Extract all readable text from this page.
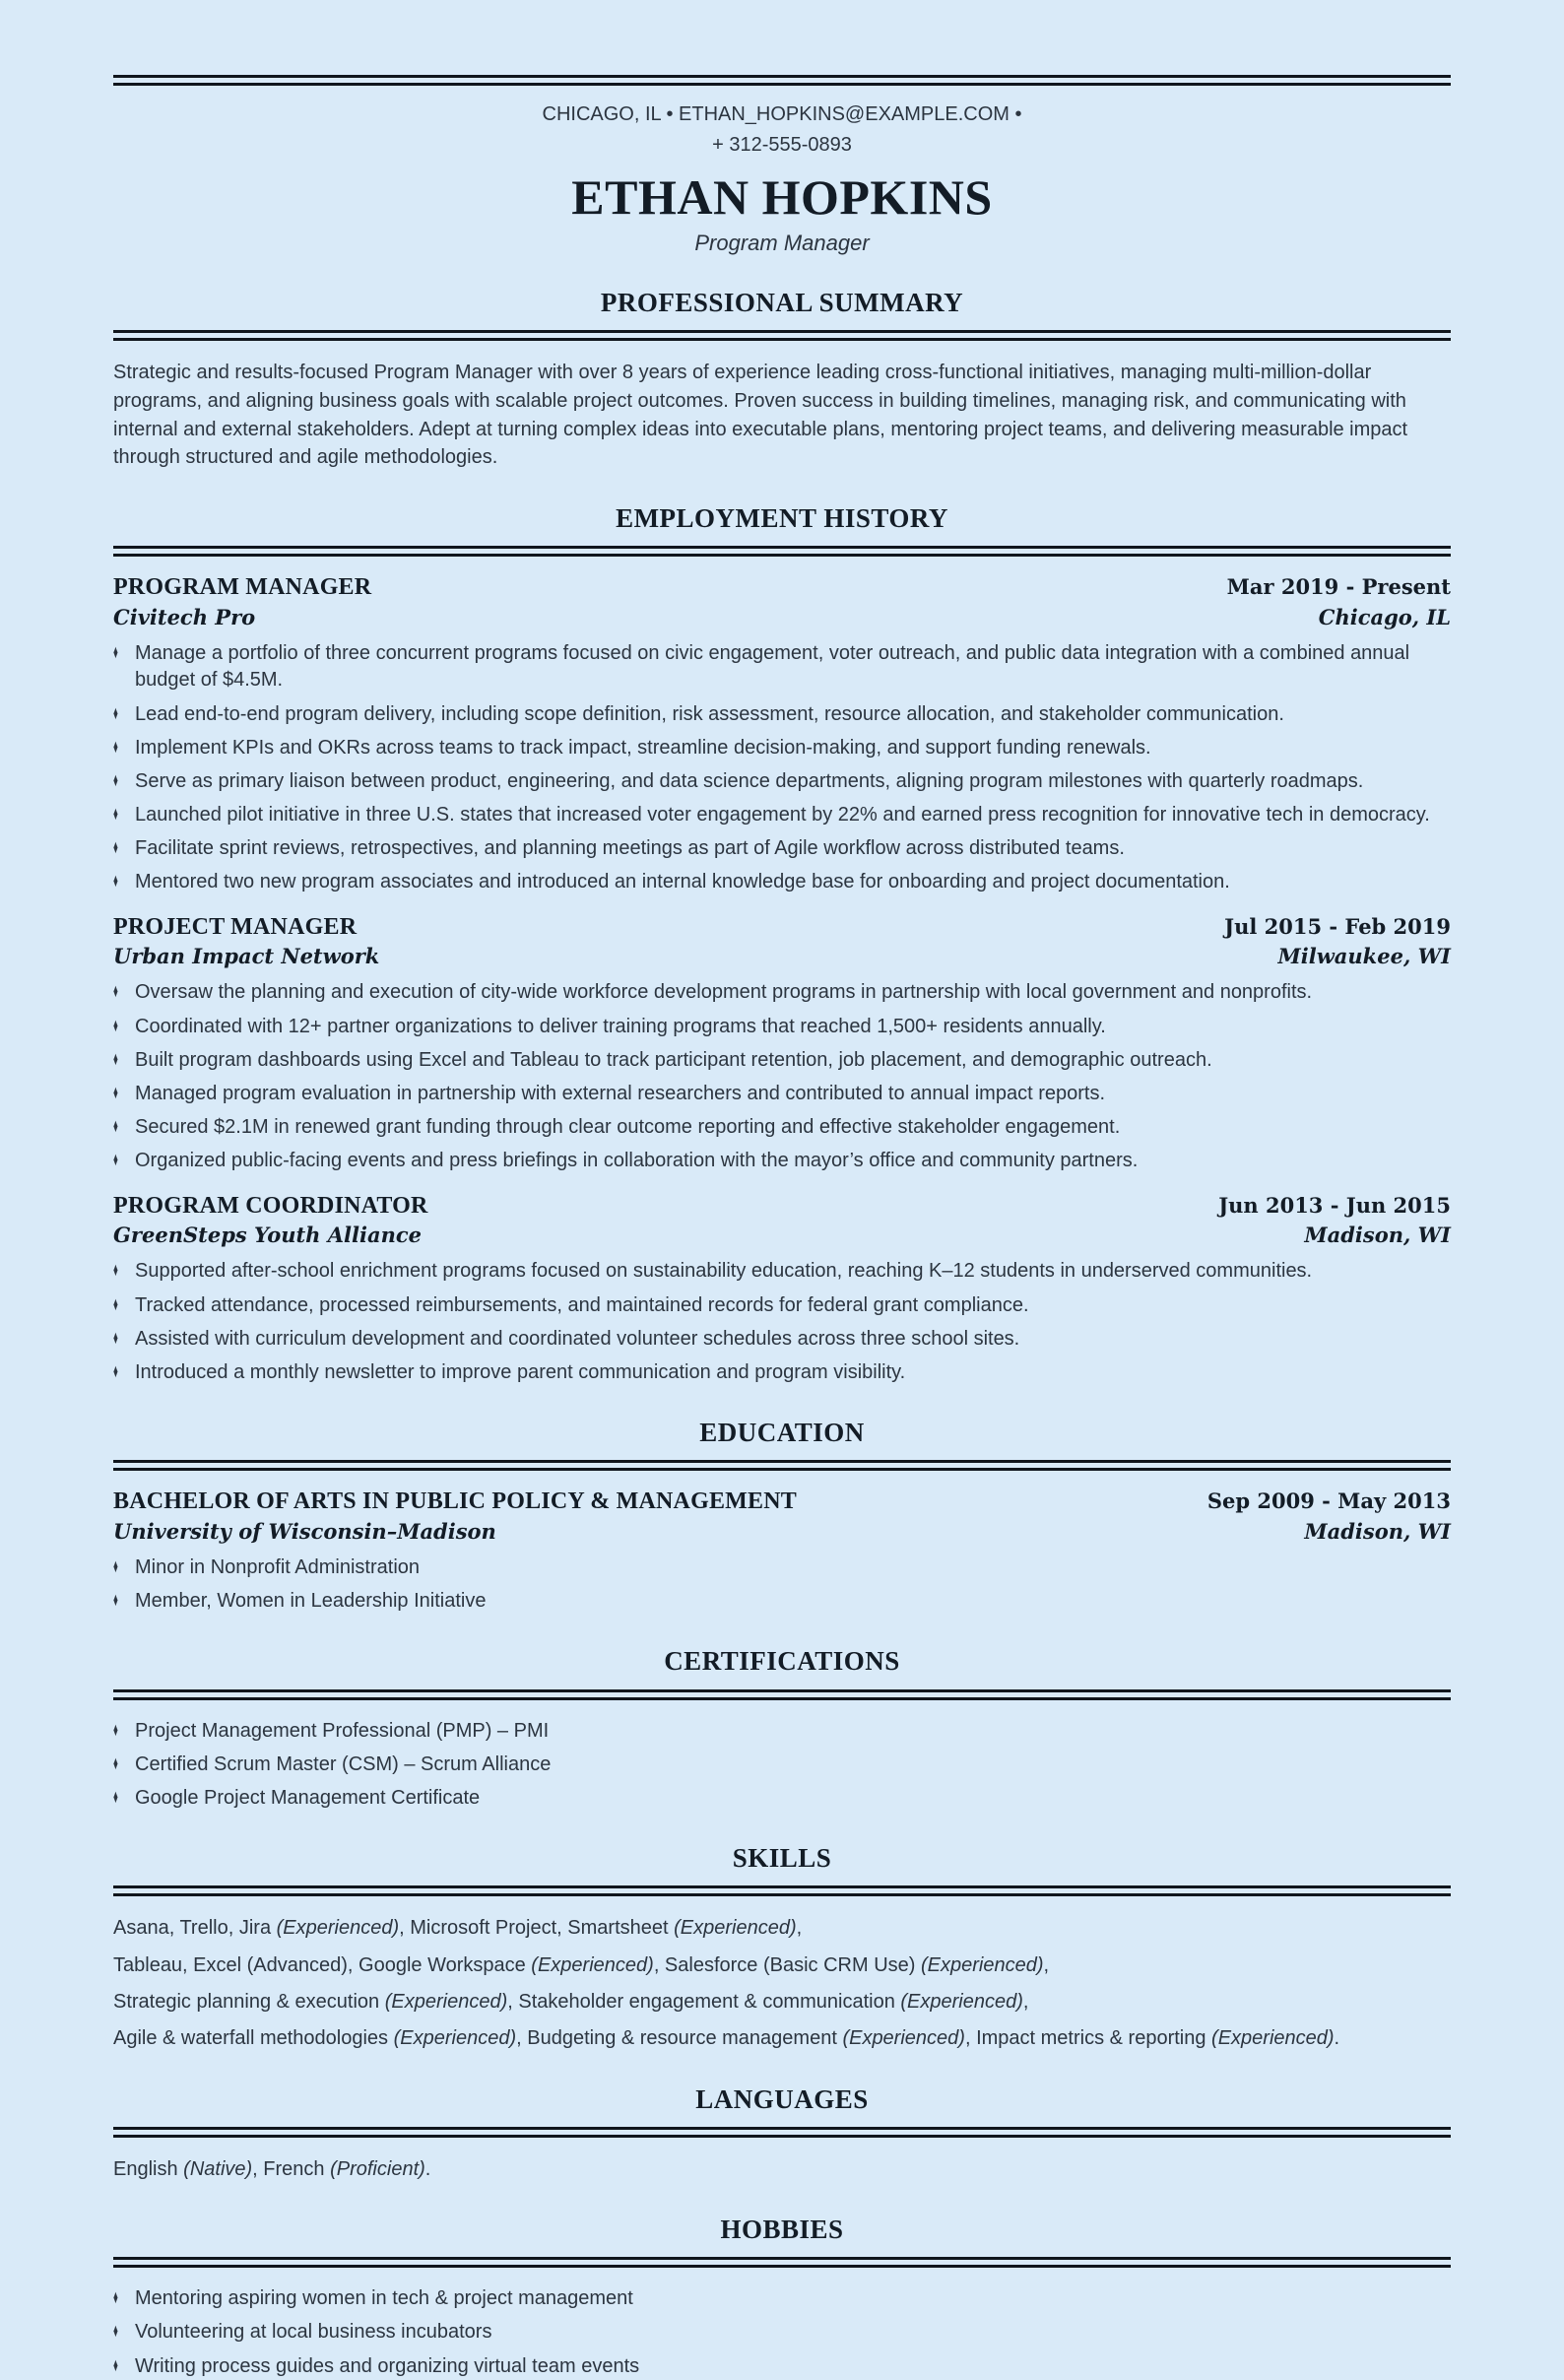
CHICAGO, IL • ETHAN_HOPKINS@EXAMPLE.COM •
+ 312-555-0893
ETHAN HOPKINS
Program Manager
PROFESSIONAL SUMMARY

Strategic and results-focused Program Manager with over 8 years of experience leading cross-functional initiatives, managing multi-million-dollar programs, and aligning business goals with scalable project outcomes. Proven success in building timelines, managing risk, and communicating with internal and external stakeholders. Adept at turning complex ideas into executable plans, mentoring project teams, and delivering measurable impact through structured and agile methodologies.

EMPLOYMENT HISTORY
PROGRAM MANAGER	Mar 2019 - Present
Civitech Pro	Chicago, IL
♦ Manage a portfolio of three concurrent programs focused on civic engagement, voter outreach, and public data integration with a combined annual budget of $4.5M.
♦ Lead end-to-end program delivery, including scope definition, risk assessment, resource allocation, and stakeholder communication.
♦ Implement KPIs and OKRs across teams to track impact, streamline decision-making, and support funding renewals.
♦ Serve as primary liaison between product, engineering, and data science departments, aligning program milestones with quarterly roadmaps.
♦ Launched pilot initiative in three U.S. states that increased voter engagement by 22% and earned press recognition for innovative tech in democracy.
♦ Facilitate sprint reviews, retrospectives, and planning meetings as part of Agile workflow across distributed teams.
♦ Mentored two new program associates and introduced an internal knowledge base for onboarding and project documentation.
PROJECT MANAGER	Jul 2015 - Feb 2019
Urban Impact Network	Milwaukee, WI
♦ Oversaw the planning and execution of city-wide workforce development programs in partnership with local government and nonprofits.
♦ Coordinated with 12+ partner organizations to deliver training programs that reached 1,500+ residents annually.
♦ Built program dashboards using Excel and Tableau to track participant retention, job placement, and demographic outreach.
♦ Managed program evaluation in partnership with external researchers and contributed to annual impact reports.
♦ Secured $2.1M in renewed grant funding through clear outcome reporting and effective stakeholder engagement.
♦ Organized public-facing events and press briefings in collaboration with the mayor’s office and community partners.
PROGRAM COORDINATOR	Jun 2013 - Jun 2015
GreenSteps Youth Alliance	Madison, WI
♦ Supported after-school enrichment programs focused on sustainability education, reaching K–12 students in underserved communities.
♦ Tracked attendance, processed reimbursements, and maintained records for federal grant compliance.
♦ Assisted with curriculum development and coordinated volunteer schedules across three school sites.
♦ Introduced a monthly newsletter to improve parent communication and program visibility.
EDUCATION
BACHELOR OF ARTS IN PUBLIC POLICY & MANAGEMENT	Sep 2009 - May 2013
University of Wisconsin–Madison	Madison, WI
♦ Minor in Nonprofit Administration
♦ Member, Women in Leadership Initiative
CERTIFICATIONS
♦ Project Management Professional (PMP) – PMI
♦ Certified Scrum Master (CSM) – Scrum Alliance
♦ Google Project Management Certificate
SKILLS

Asana, Trello, Jira (Experienced), Microsoft Project, Smartsheet (Experienced),

Tableau, Excel (Advanced), Google Workspace (Experienced), Salesforce (Basic CRM Use) (Experienced),

Strategic planning & execution (Experienced), Stakeholder engagement & communication (Experienced),

Agile & waterfall methodologies (Experienced), Budgeting & resource management (Experienced), Impact metrics & reporting (Experienced).

LANGUAGES

English (Native), French (Proficient).

HOBBIES
♦ Mentoring aspiring women in tech & project management
♦ Volunteering at local business incubators
♦ Writing process guides and organizing virtual team events
